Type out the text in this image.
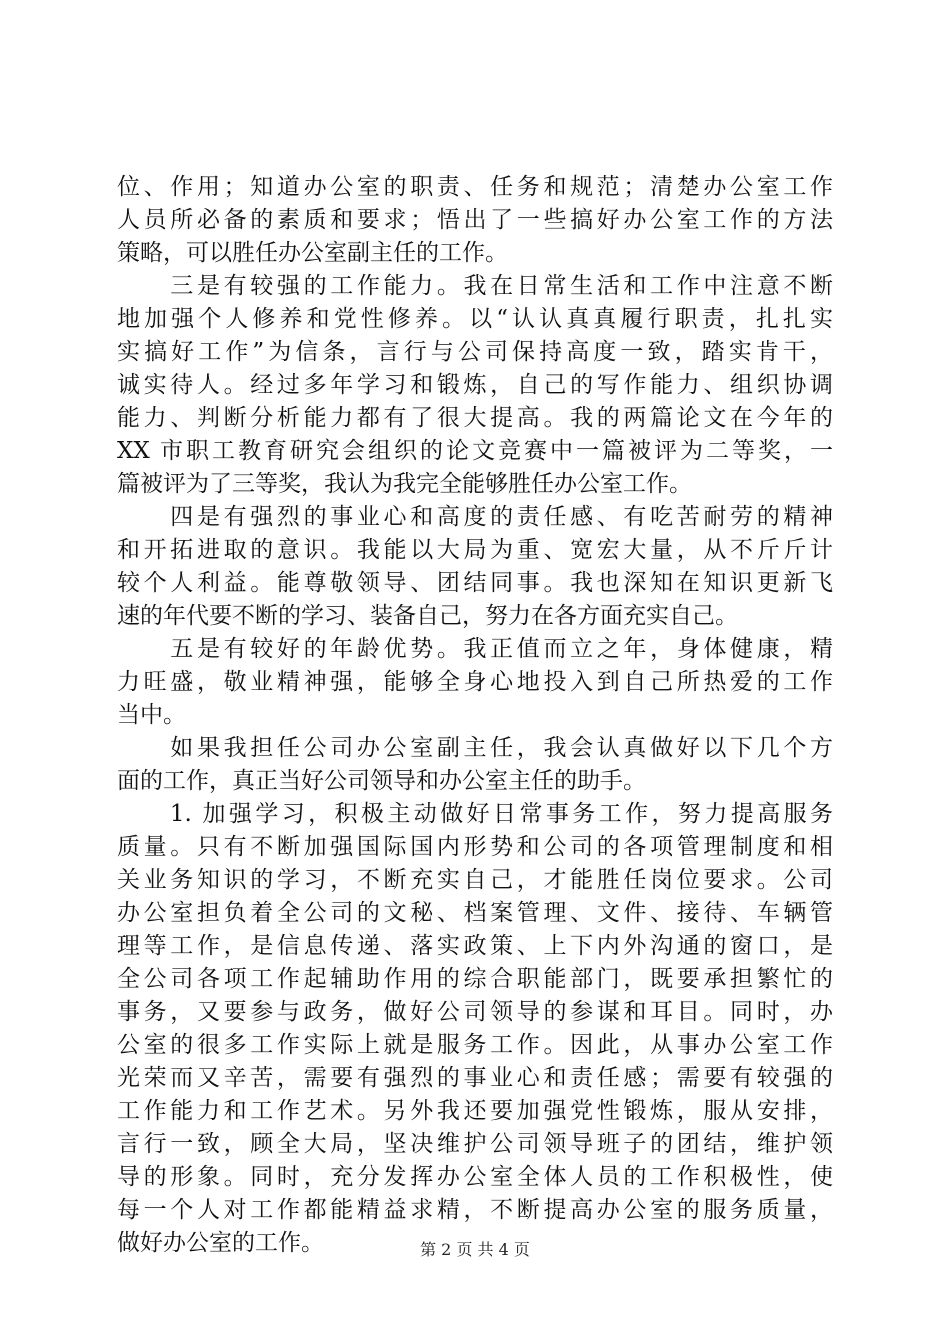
位、作用；知道办公室的职责、任务和规范；清楚办公室工作
人员所必备的素质和要求；悟出了一些搞好办公室工作的方法
策略，可以胜任办公室副主任的工作。
　　三是有较强的工作能力。我在日常生活和工作中注意不断
地加强个人修养和党性修养。以“认认真真履行职责，扎扎实
实搞好工作”为信条，言行与公司保持高度一致，踏实肯干，
诚实待人。经过多年学习和锻炼，自己的写作能力、组织协调
能力、判断分析能力都有了很大提高。我的两篇论文在今年的
XX 市职工教育研究会组织的论文竞赛中一篇被评为二等奖，一
篇被评为了三等奖，我认为我完全能够胜任办公室工作。
　　四是有强烈的事业心和高度的责任感、有吃苦耐劳的精神
和开拓进取的意识。我能以大局为重、宽宏大量，从不斤斤计
较个人利益。能尊敬领导、团结同事。我也深知在知识更新飞
速的年代要不断的学习、装备自己，努力在各方面充实自己。
　　五是有较好的年龄优势。我正值而立之年，身体健康，精
力旺盛，敬业精神强，能够全身心地投入到自己所热爱的工作
当中。
　　如果我担任公司办公室副主任，我会认真做好以下几个方
面的工作，真正当好公司领导和办公室主任的助手。
　　1. 加强学习，积极主动做好日常事务工作，努力提高服务
质量。只有不断加强国际国内形势和公司的各项管理制度和相
关业务知识的学习，不断充实自己，才能胜任岗位要求。公司
办公室担负着全公司的文秘、档案管理、文件、接待、车辆管
理等工作，是信息传递、落实政策、上下内外沟通的窗口，是
全公司各项工作起辅助作用的综合职能部门，既要承担繁忙的
事务，又要参与政务，做好公司领导的参谋和耳目。同时，办
公室的很多工作实际上就是服务工作。因此，从事办公室工作
光荣而又辛苦，需要有强烈的事业心和责任感；需要有较强的
工作能力和工作艺术。另外我还要加强党性锻炼，服从安排，
言行一致，顾全大局，坚决维护公司领导班子的团结，维护领
导的形象。同时，充分发挥办公室全体人员的工作积极性，使
每一个人对工作都能精益求精，不断提高办公室的服务质量，
做好办公室的工作。	第 2 页 共 4 页
